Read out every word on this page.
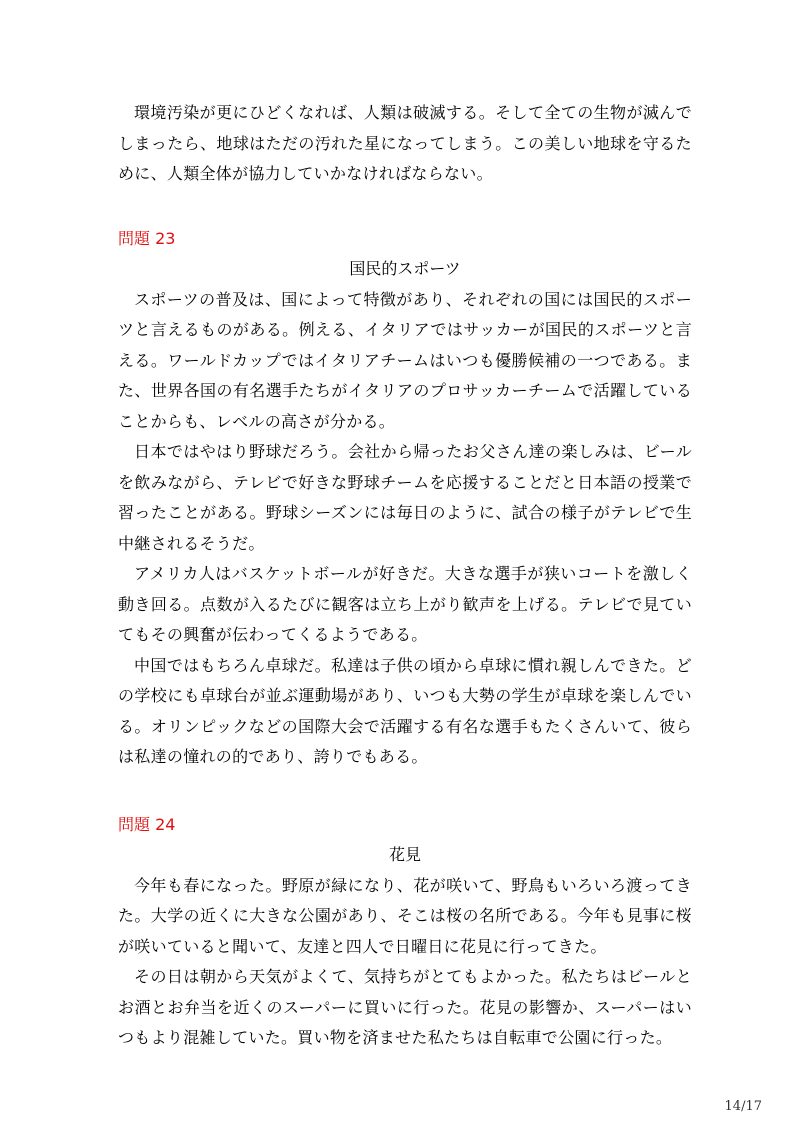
環境汚染が更にひどくなれば、人類は破滅する。そして全ての生物が滅んでしまったら、地球はただの汚れた星になってしまう。この美しい地球を守るために、人類全体が協力していかなければならない。

問題 23
国民的スポーツ

スポーツの普及は、国によって特徴があり、それぞれの国には国民的スポーツと言えるものがある。例える、イタリアではサッカーが国民的スポーツと言える。ワールドカップではイタリアチームはいつも優勝候補の一つである。また、世界各国の有名選手たちがイタリアのプロサッカーチームで活躍していることからも、レベルの高さが分かる。

日本ではやはり野球だろう。会社から帰ったお父さん達の楽しみは、ビールを飲みながら、テレビで好きな野球チームを応援することだと日本語の授業で習ったことがある。野球シーズンには毎日のように、試合の様子がテレビで生中継されるそうだ。

アメリカ人はバスケットボールが好きだ。大きな選手が狭いコートを激しく動き回る。点数が入るたびに観客は立ち上がり歓声を上げる。テレビで見ていてもその興奮が伝わってくるようである。

中国ではもちろん卓球だ。私達は子供の頃から卓球に慣れ親しんできた。どの学校にも卓球台が並ぶ運動場があり、いつも大勢の学生が卓球を楽しんでいる。オリンピックなどの国際大会で活躍する有名な選手もたくさんいて、彼らは私達の憧れの的であり、誇りでもある。

問題 24
花見

今年も春になった。野原が緑になり、花が咲いて、野鳥もいろいろ渡ってきた。大学の近くに大きな公園があり、そこは桜の名所である。今年も見事に桜が咲いていると聞いて、友達と四人で日曜日に花見に行ってきた。

その日は朝から天気がよくて、気持ちがとてもよかった。私たちはビールとお酒とお弁当を近くのスーパーに買いに行った。花見の影響か、スーパーはいつもより混雑していた。買い物を済ませた私たちは自転車で公園に行った。

14/17
